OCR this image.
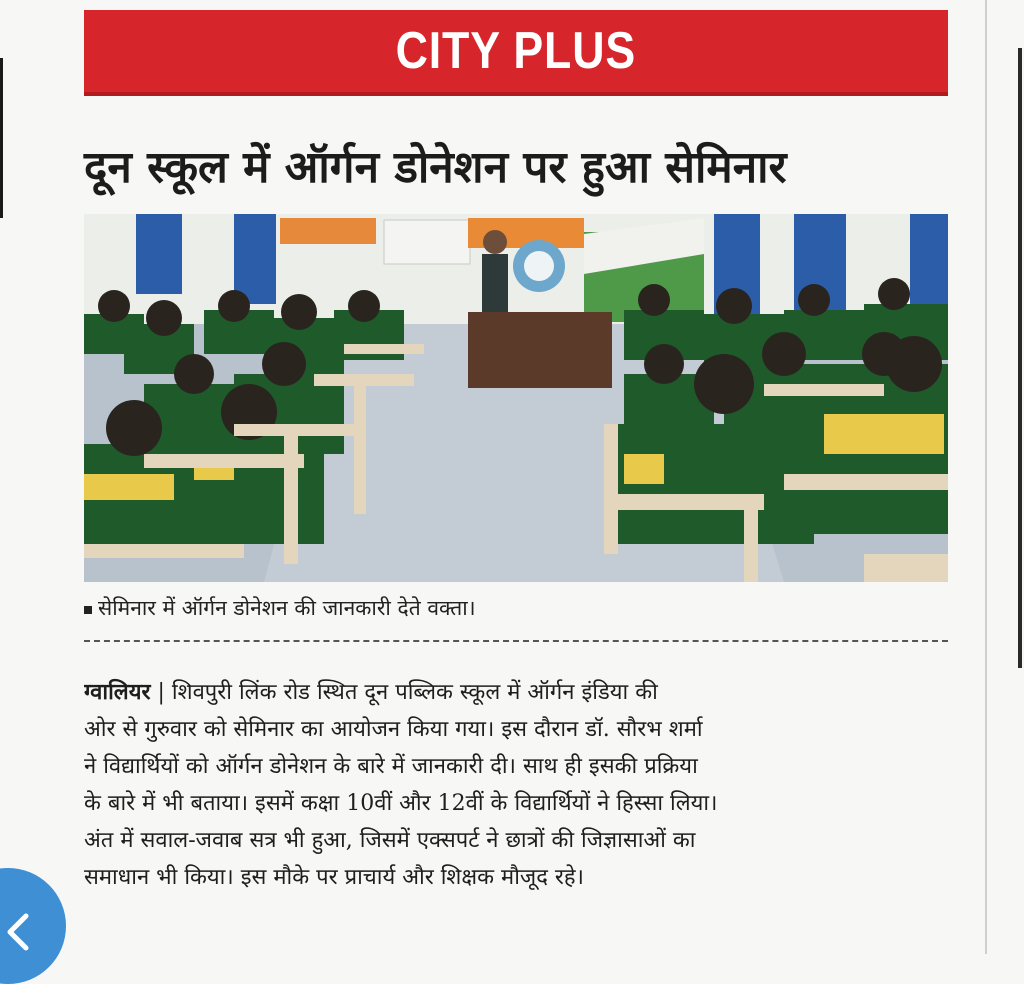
CITY PLUS
दून स्कूल में ऑर्गन डोनेशन पर हुआ सेमिनार
सेमिनार में ऑर्गन डोनेशन की जानकारी देते वक्ता।
ग्वालियर | शिवपुरी लिंक रोड स्थित दून पब्लिक स्कूल में ऑर्गन इंडिया की
ओर से गुरुवार को सेमिनार का आयोजन किया गया। इस दौरान डॉ. सौरभ शर्मा
ने विद्यार्थियों को ऑर्गन डोनेशन के बारे में जानकारी दी। साथ ही इसकी प्रक्रिया
के बारे में भी बताया। इसमें कक्षा 10वीं और 12वीं के विद्यार्थियों ने हिस्सा लिया।
अंत में सवाल-जवाब सत्र भी हुआ, जिसमें एक्सपर्ट ने छात्रों की जिज्ञासाओं का
समाधान भी किया। इस मौके पर प्राचार्य और शिक्षक मौजूद रहे।
